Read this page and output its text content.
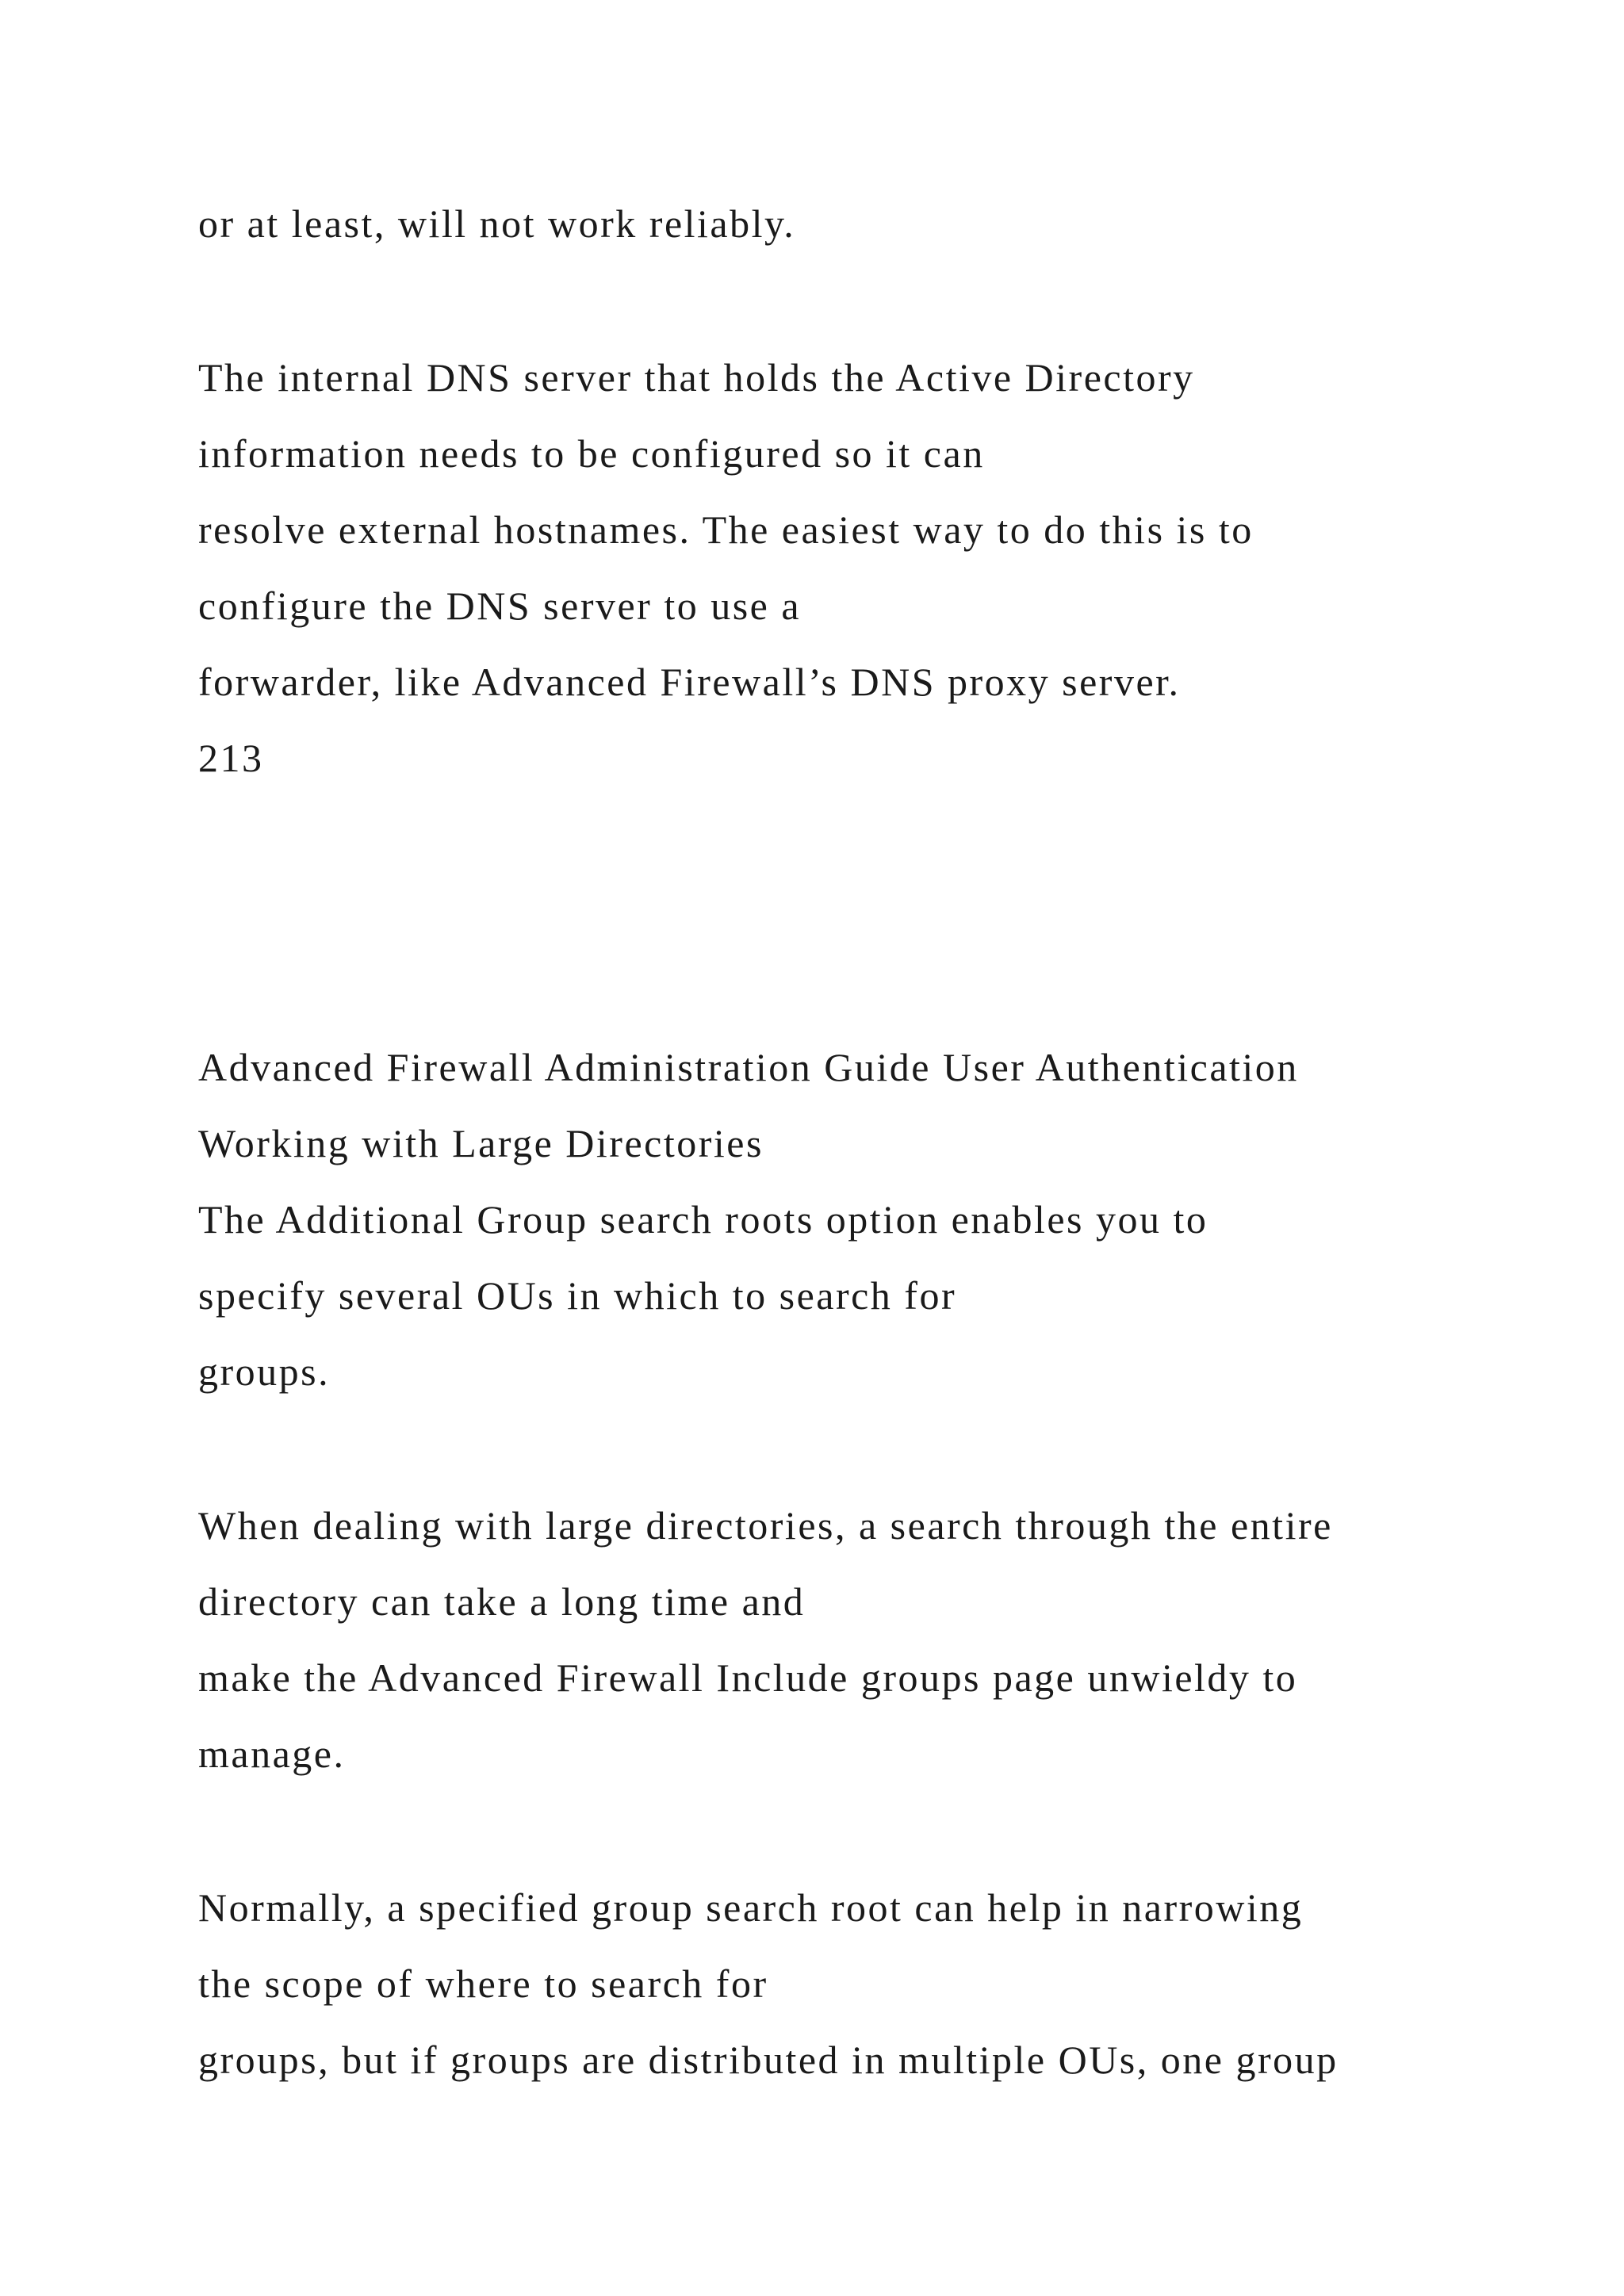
or at least, will not work reliably.
The internal DNS server that holds the Active Directory
information needs to be configured so it can
resolve external hostnames. The easiest way to do this is to
configure the DNS server to use a
forwarder, like Advanced Firewall’s DNS proxy server.
213
Advanced Firewall Administration Guide User Authentication
Working with Large Directories
The Additional Group search roots option enables you to
specify several OUs in which to search for
groups.
When dealing with large directories, a search through the entire
directory can take a long time and
make the Advanced Firewall Include groups page unwieldy to
manage.
Normally, a specified group search root can help in narrowing
the scope of where to search for
groups, but if groups are distributed in multiple OUs, one group
